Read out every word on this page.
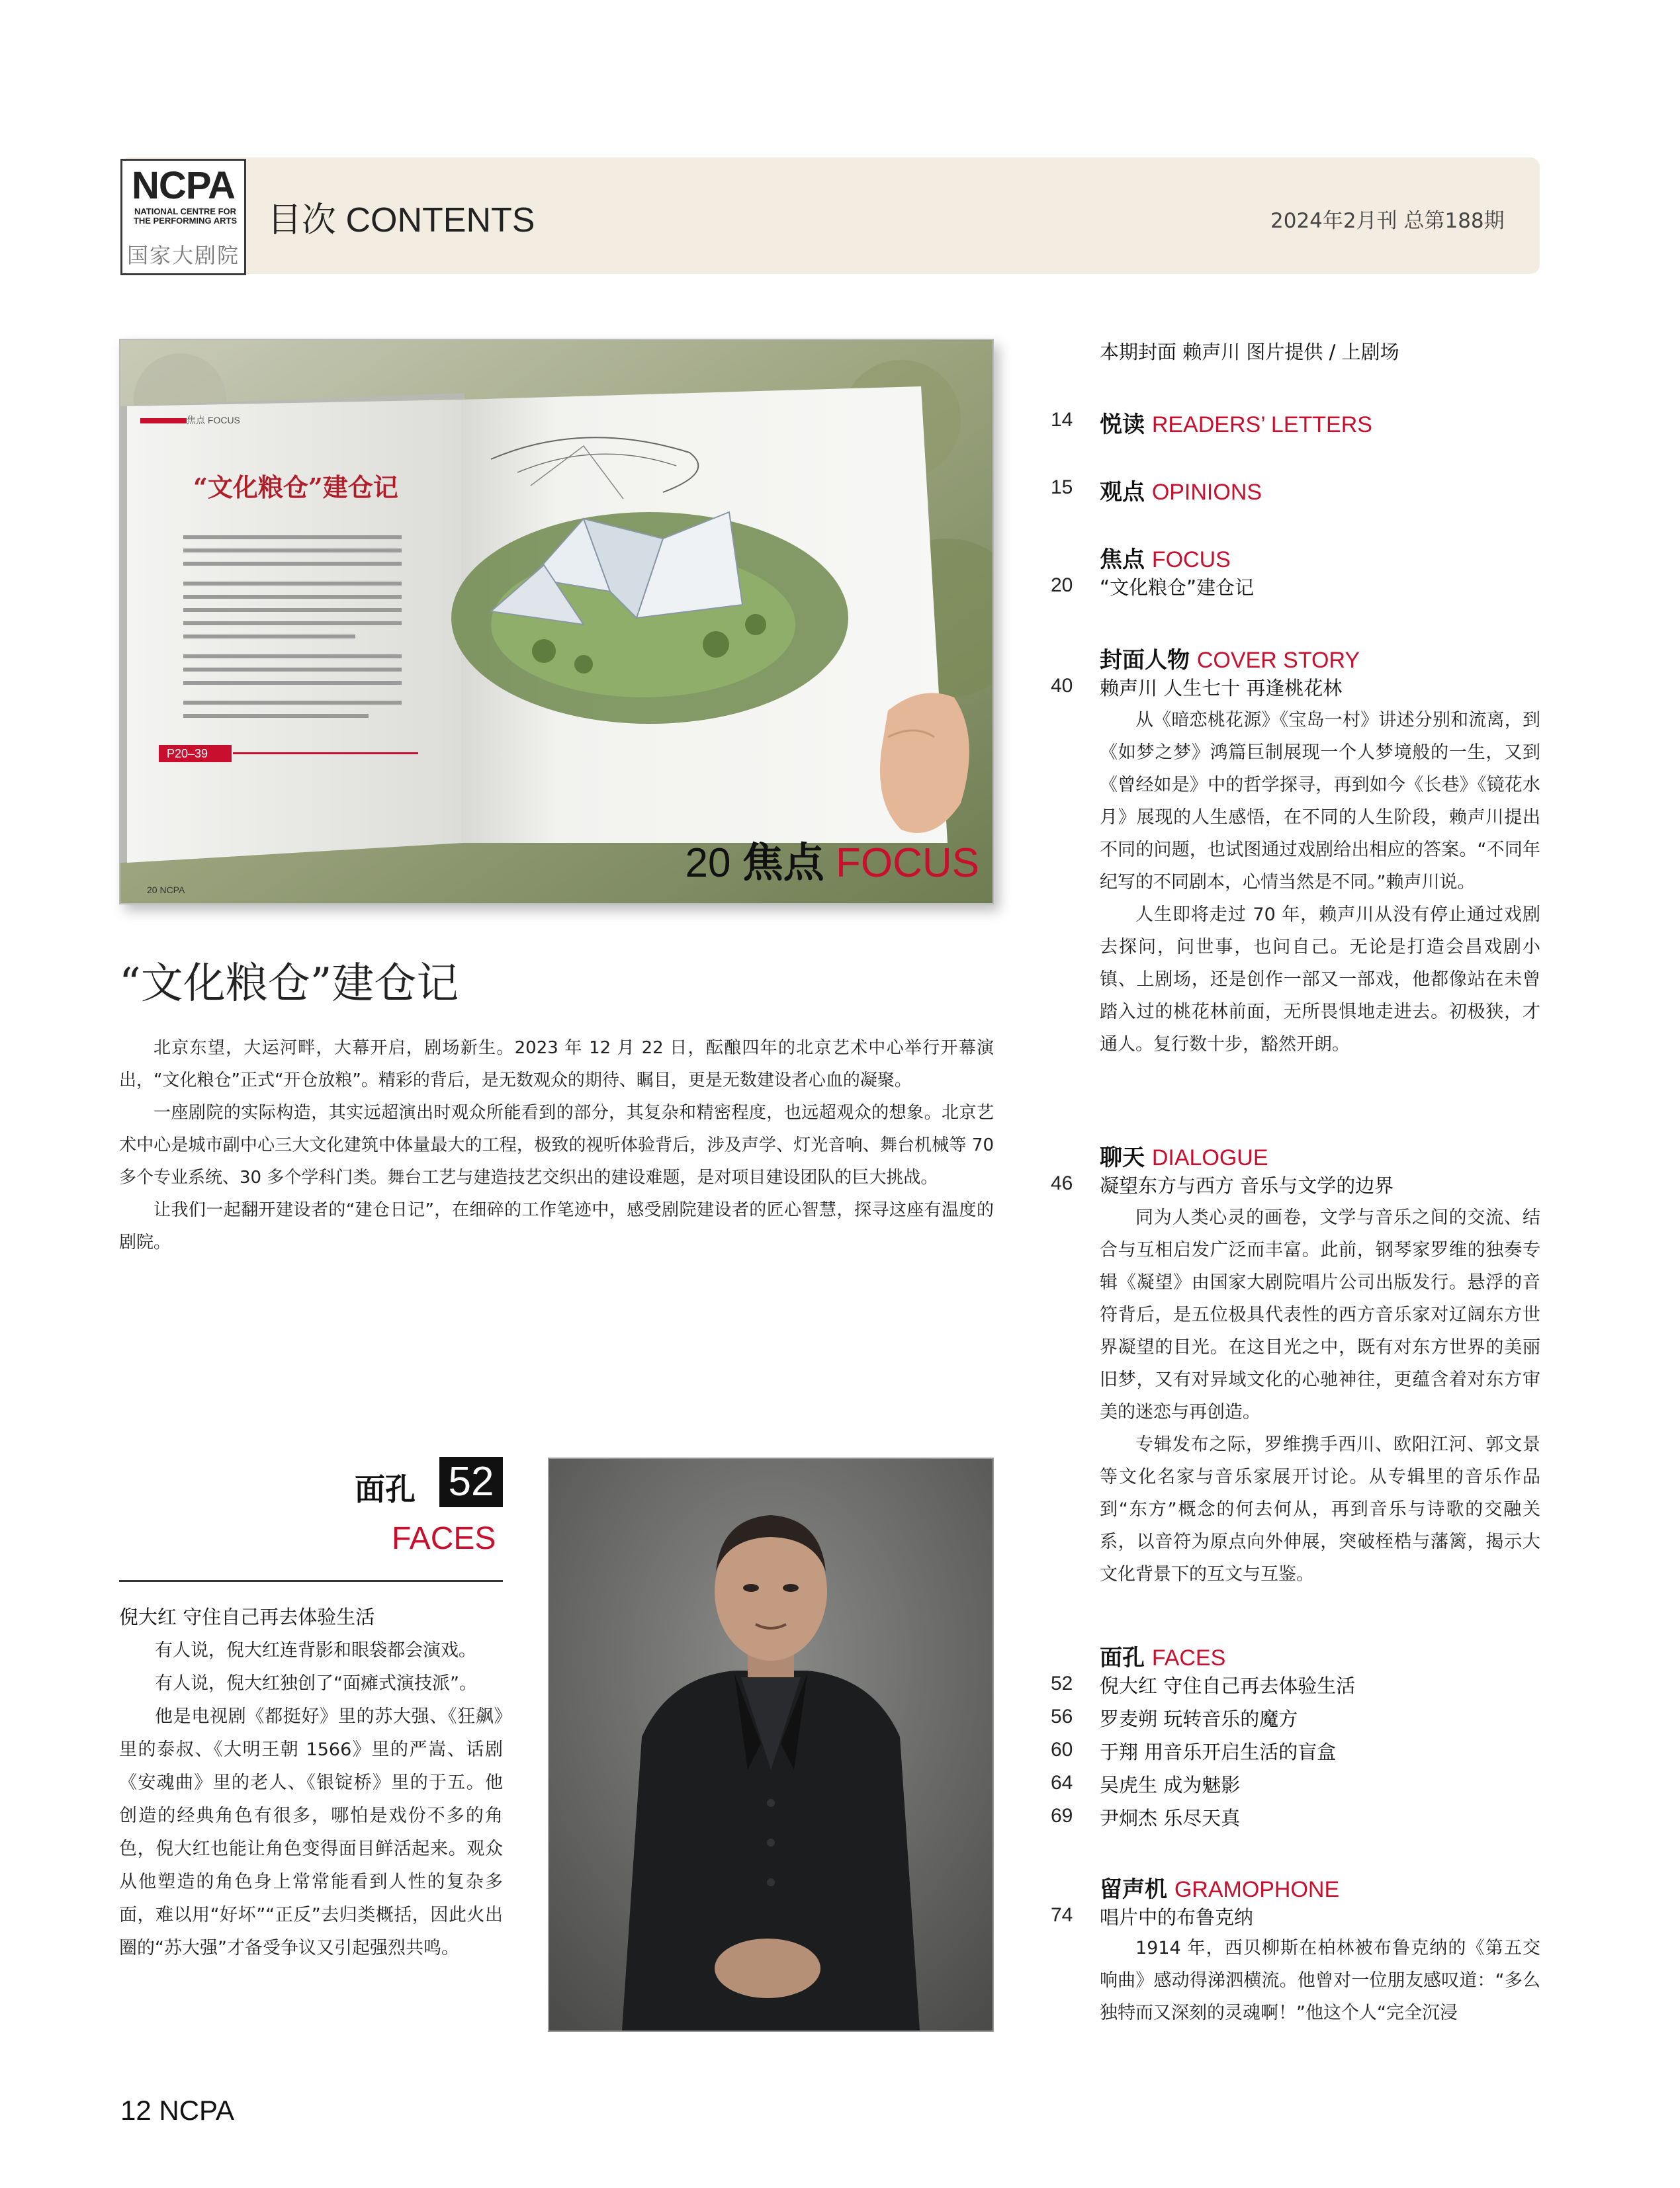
NCPA
NATIONAL CENTRE FOR THE PERFORMING ARTS
国家大剧院
目次 CONTENTS	2024年2月刊 总第188期
焦点 FOCUS
“文化粮仓”建仓记
P20–39
20 NCPA
20 焦点 FOCUS
“文化粮仓”建仓记

北京东望，大运河畔，大幕开启，剧场新生。2023 年 12 月 22 日，酝酿四年的北京艺术中心举行开幕演出，“文化粮仓”正式“开仓放粮”。精彩的背后，是无数观众的期待、瞩目，更是无数建设者心血的凝聚。

一座剧院的实际构造，其实远超演出时观众所能看到的部分，其复杂和精密程度，也远超观众的想象。北京艺术中心是城市副中心三大文化建筑中体量最大的工程，极致的视听体验背后，涉及声学、灯光音响、舞台机械等 70 多个专业系统、30 多个学科门类。舞台工艺与建造技艺交织出的建设难题，是对项目建设团队的巨大挑战。

让我们一起翻开建设者的“建仓日记”，在细碎的工作笔迹中，感受剧院建设者的匠心智慧，探寻这座有温度的剧院。

面孔 52
FACES
倪大红 守住自己再去体验生活

有人说，倪大红连背影和眼袋都会演戏。

有人说，倪大红独创了“面瘫式演技派”。

他是电视剧《都挺好》里的苏大强、《狂飙》里的泰叔、《大明王朝 1566》里的严嵩、话剧《安魂曲》里的老人、《银锭桥》里的于五。他创造的经典角色有很多，哪怕是戏份不多的角色，倪大红也能让角色变得面目鲜活起来。观众从他塑造的角色身上常常能看到人性的复杂多面，难以用“好坏”“正反”去归类概括，因此火出圈的“苏大强”才备受争议又引起强烈共鸣。

本期封面 赖声川 图片提供 / 上剧场
14 悦读 READERS’ LETTERS
15 观点 OPINIONS
焦点 FOCUS
20 “文化粮仓”建仓记
封面人物 COVER STORY
40 赖声川 人生七十 再逢桃花林

从《暗恋桃花源》《宝岛一村》讲述分别和流离，到《如梦之梦》鸿篇巨制展现一个人梦境般的一生，又到《曾经如是》中的哲学探寻，再到如今《长巷》《镜花水月》展现的人生感悟，在不同的人生阶段，赖声川提出不同的问题，也试图通过戏剧给出相应的答案。“不同年纪写的不同剧本，心情当然是不同。”赖声川说。

人生即将走过 70 年，赖声川从没有停止通过戏剧去探问，问世事，也问自己。无论是打造会昌戏剧小镇、上剧场，还是创作一部又一部戏，他都像站在未曾踏入过的桃花林前面，无所畏惧地走进去。初极狭，才通人。复行数十步，豁然开朗。

聊天 DIALOGUE
46 凝望东方与西方 音乐与文学的边界

同为人类心灵的画卷，文学与音乐之间的交流、结合与互相启发广泛而丰富。此前，钢琴家罗维的独奏专辑《凝望》由国家大剧院唱片公司出版发行。悬浮的音符背后，是五位极具代表性的西方音乐家对辽阔东方世界凝望的目光。在这目光之中，既有对东方世界的美丽旧梦，又有对异域文化的心驰神往，更蕴含着对东方审美的迷恋与再创造。

专辑发布之际，罗维携手西川、欧阳江河、郭文景等文化名家与音乐家展开讨论。从专辑里的音乐作品到“东方”概念的何去何从，再到音乐与诗歌的交融关系，以音符为原点向外伸展，突破桎梏与藩篱，揭示大文化背景下的互文与互鉴。

面孔 FACES
52 倪大红 守住自己再去体验生活
56 罗麦朔 玩转音乐的魔方
60 于翔 用音乐开启生活的盲盒
64 吴虎生 成为魅影
69 尹炯杰 乐尽天真
留声机 GRAMOPHONE
74 唱片中的布鲁克纳

1914 年，西贝柳斯在柏林被布鲁克纳的《第五交响曲》感动得涕泗横流。他曾对一位朋友感叹道：“多么独特而又深刻的灵魂啊！”他这个人“完全沉浸

12 NCPA
